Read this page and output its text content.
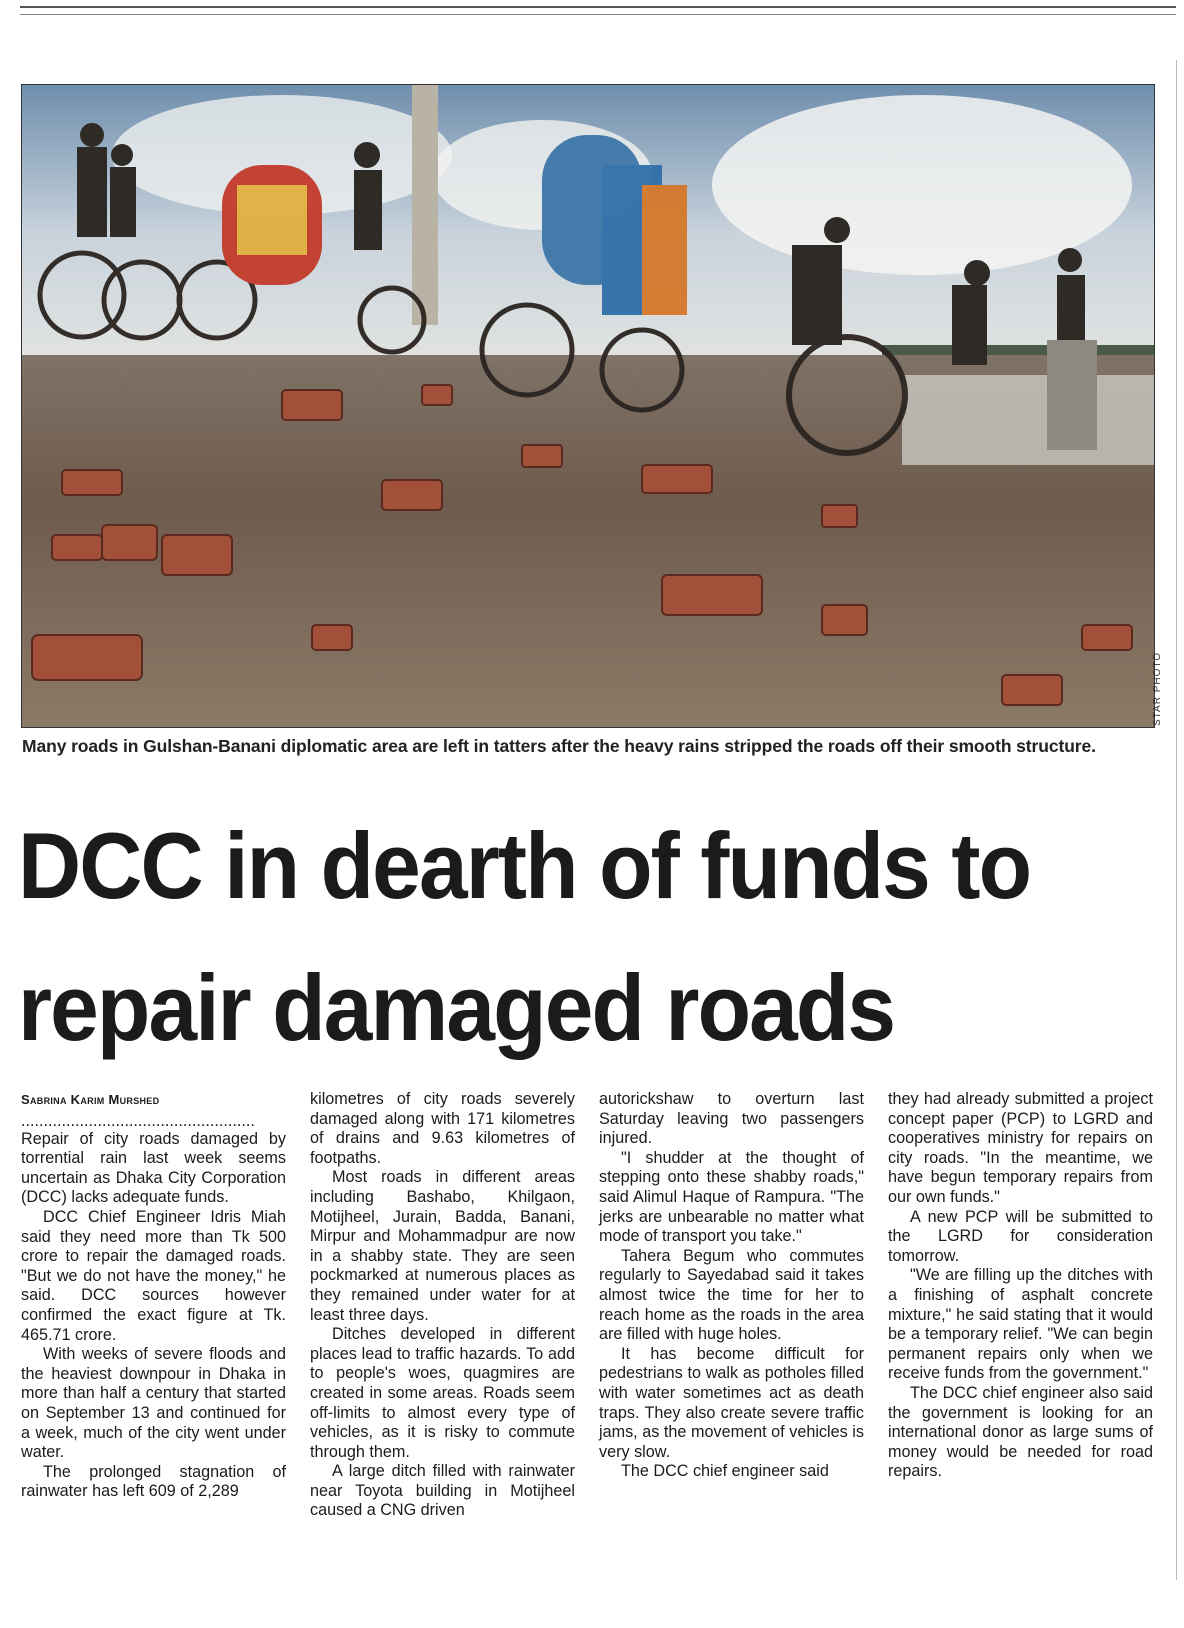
STAR PHOTO
Many roads in Gulshan-Banani diplomatic area are left in tatters after the heavy rains stripped the roads off their smooth structure.
DCC in dearth of funds to
repair damaged roads
Sabrina Karim Murshed
....................................................

Repair of city roads damaged by torrential rain last week seems uncertain as Dhaka City Corporation (DCC) lacks adequate funds.

DCC Chief Engineer Idris Miah said they need more than Tk 500 crore to repair the damaged roads. "But we do not have the money," he said. DCC sources however confirmed the exact figure at Tk. 465.71 crore.

With weeks of severe floods and the heaviest downpour in Dhaka in more than half a century that started on September 13 and continued for a week, much of the city went under water.

The prolonged stagnation of rainwater has left 609 of 2,289

kilometres of city roads severely damaged along with 171 kilometres of drains and 9.63 kilometres of footpaths.

Most roads in different areas including Bashabo, Khilgaon, Motijheel, Jurain, Badda, Banani, Mirpur and Mohammadpur are now in a shabby state. They are seen pockmarked at numerous places as they remained under water for at least three days.

Ditches developed in different places lead to traffic hazards. To add to people's woes, quagmires are created in some areas. Roads seem off-limits to almost every type of vehicles, as it is risky to commute through them.

A large ditch filled with rainwater near Toyota building in Motijheel caused a CNG driven

autorickshaw to overturn last Saturday leaving two passengers injured.

"I shudder at the thought of stepping onto these shabby roads," said Alimul Haque of Rampura. "The jerks are unbearable no matter what mode of transport you take."

Tahera Begum who commutes regularly to Sayedabad said it takes almost twice the time for her to reach home as the roads in the area are filled with huge holes.

It has become difficult for pedestrians to walk as potholes filled with water sometimes act as death traps. They also create severe traffic jams, as the movement of vehicles is very slow.

The DCC chief engineer said

they had already submitted a project concept paper (PCP) to LGRD and cooperatives ministry for repairs on city roads. "In the meantime, we have begun temporary repairs from our own funds."

A new PCP will be submitted to the LGRD for consideration tomorrow.

"We are filling up the ditches with a finishing of asphalt concrete mixture," he said stating that it would be a temporary relief. "We can begin permanent repairs only when we receive funds from the government."

The DCC chief engineer also said the government is looking for an international donor as large sums of money would be needed for road repairs.
